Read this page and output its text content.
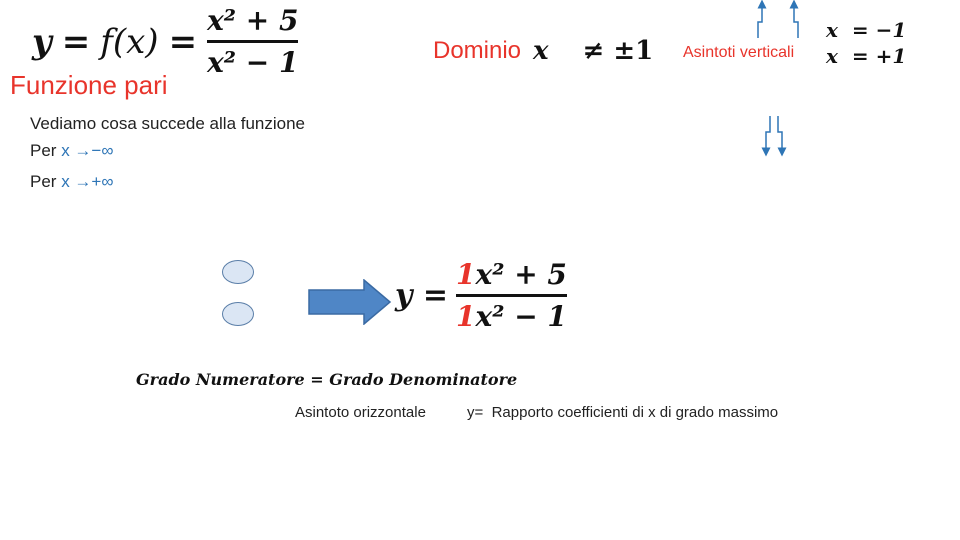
$y = f(x) = \frac{\text{x² + 5}}{\text{x² − 1}}$
Funzione pari
Dominio x ≠ ±1 Asintoti verticali
x  = −1
x  = +1
Vediamo cosa succede alla funzione
Per x →−∞
Per x →+∞
$y = \frac{\text{1x² + 5}}{\text{1x² − 1}}$
Grado Numeratore = Grado Denominatore
Asintoto orizzontale	y=  Rapporto coefficienti di x di grado massimo
